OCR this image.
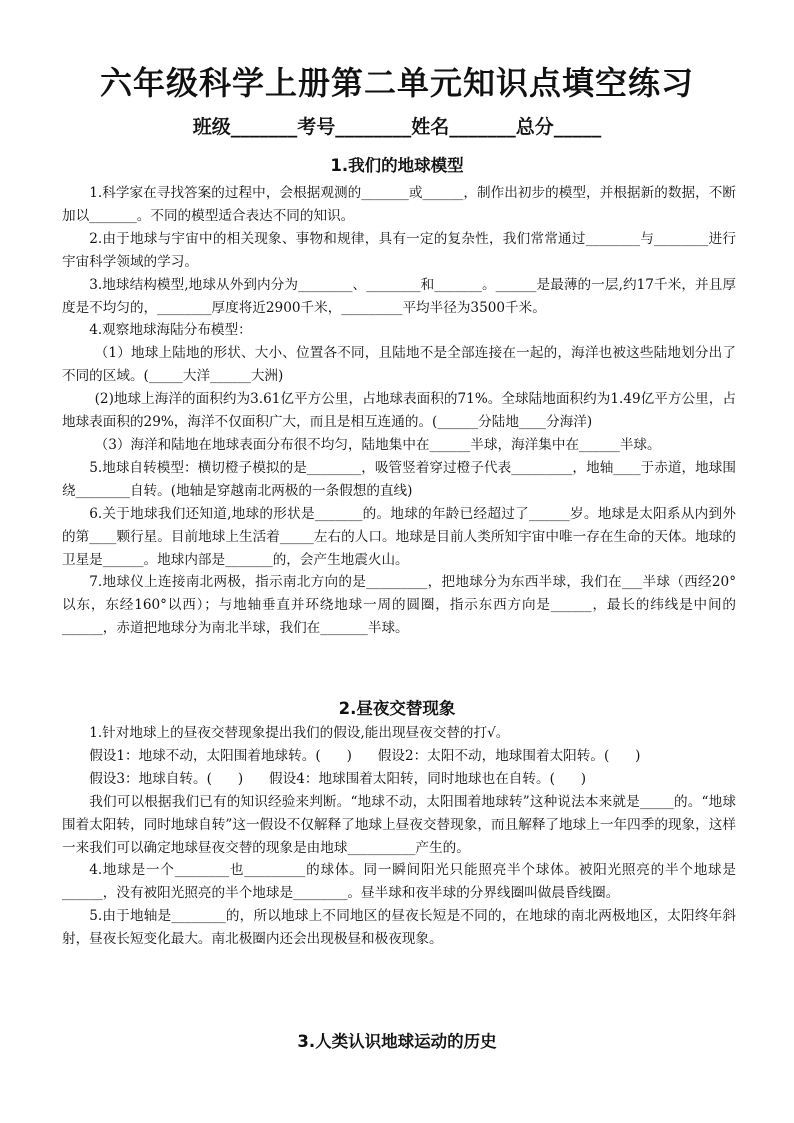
六年级科学上册第二单元知识点填空练习
班级_______考号________姓名_______总分_____
1.我们的地球模型

1.科学家在寻找答案的过程中，会根据观测的_______或______，制作出初步的模型，并根据新的数据，不断加以_______。不同的模型适合表达不同的知识。

2.由于地球与宇宙中的相关现象、事物和规律，具有一定的复杂性，我们常常通过________与________进行宇宙科学领域的学习。

3.地球结构模型,地球从外到内分为________、________和_______。______是最薄的一层,约17千米，并且厚度是不均匀的，________厚度将近2900千米，_________平均半径为3500千米。

4.观察地球海陆分布模型：

（1）地球上陆地的形状、大小、位置各不同，且陆地不是全部连接在一起的，海洋也被这些陆地划分出了不同的区域。(_____大洋______大洲)

(2)地球上海洋的面积约为3.61亿平方公里，占地球表面积的71%。全球陆地面积约为1.49亿平方公里，占地球表面积的29%，海洋不仅面积广大，而且是相互连通的。(______分陆地____分海洋)

（3）海洋和陆地在地球表面分布很不均匀，陆地集中在______半球，海洋集中在______半球。

5.地球自转模型：横切橙子模拟的是________，吸管竖着穿过橙子代表_________，地轴____于赤道，地球围绕________自转。(地轴是穿越南北两极的一条假想的直线)

6.关于地球我们还知道,地球的形状是_______的。地球的年龄已经超过了______岁。地球是太阳系从内到外的第____颗行星。目前地球上生活着_____左右的人口。地球是目前人类所知宇宙中唯一存在生命的天体。地球的卫星是______。地球内部是_______的，会产生地震火山。

7.地球仪上连接南北两极，指示南北方向的是_________，把地球分为东西半球，我们在___半球（西经20°以东，东经160°以西）；与地轴垂直并环绕地球一周的圆圈，指示东西方向是______，最长的纬线是中间的______，赤道把地球分为南北半球，我们在_______半球。

2.昼夜交替现象

1.针对地球上的昼夜交替现象提出我们的假设,能出现昼夜交替的打√。

假设1：地球不动，太阳围着地球转。(      )      假设2：太阳不动，地球围着太阳转。(      )

假设3：地球自转。(      )      假设4：地球围着太阳转，同时地球也在自转。(      )

我们可以根据我们已有的知识经验来判断。“地球不动，太阳围着地球转”这种说法本来就是_____的。“地球围着太阳转，同时地球自转”这一假设不仅解释了地球上昼夜交替现象，而且解释了地球上一年四季的现象，这样一来我们可以确定地球昼夜交替的现象是由地球__________产生的。

4.地球是一个________也_________的球体。同一瞬间阳光只能照亮半个球体。被阳光照亮的半个地球是______，没有被阳光照亮的半个地球是________。昼半球和夜半球的分界线圈叫做晨昏线圈。

5.由于地轴是________的，所以地球上不同地区的昼夜长短是不同的，在地球的南北两极地区，太阳终年斜射，昼夜长短变化最大。南北极圈内还会出现极昼和极夜现象。

3.人类认识地球运动的历史
